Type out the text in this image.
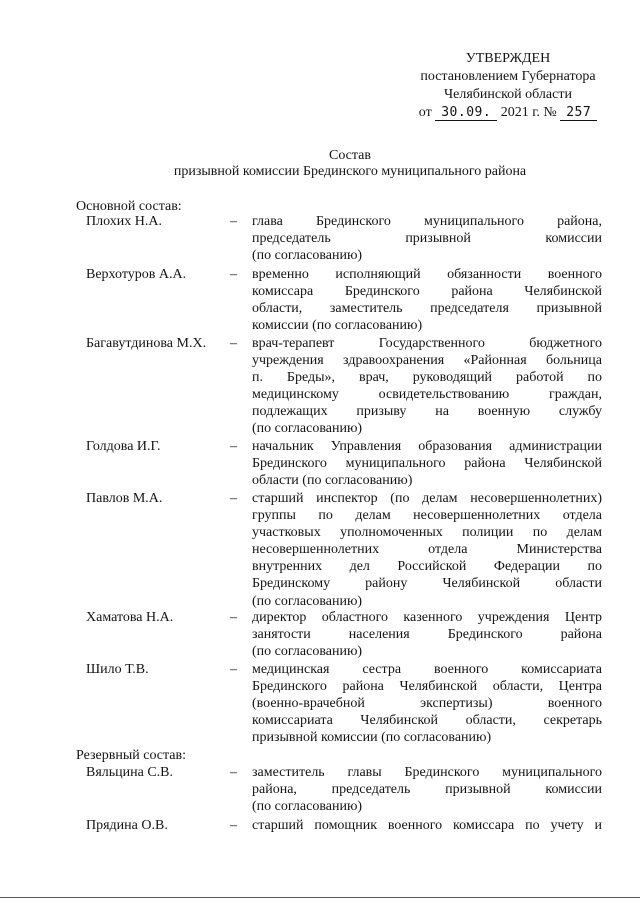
УТВЕРЖДЕН
постановлением Губернатора
Челябинской области
от 30.09. 2021 г. № 257
Состав
призывной комиссии Брединского муниципального района
Основной состав:
Плохих Н.А.	– глава Брединского муниципального района,
председатель призывной комиссии
(по согласованию)
Верхотуров А.А.	– временно исполняющий обязанности военного
комиссара Брединского района Челябинской
области, заместитель председателя призывной
комиссии (по согласованию)
Багавутдинова М.Х. – врач-терапевт Государственного бюджетного
учреждения здравоохранения «Районная больница
п. Бреды», врач, руководящий работой по
медицинскому освидетельствованию граждан,
подлежащих призыву на военную службу
(по согласованию)
Голдова И.Г.	– начальник Управления образования администрации
Брединского муниципального района Челябинской
области (по согласованию)
Павлов М.А.	– старший инспектор (по делам несовершеннолетних)
группы по делам несовершеннолетних отдела
участковых уполномоченных полиции по делам
несовершеннолетних отдела Министерства
внутренних дел Российской Федерации по
Брединскому району Челябинской области
(по согласованию)
Хаматова Н.А.	– директор областного казенного учреждения Центр
занятости населения Брединского района
(по согласованию)
Шило Т.В.	– медицинская сестра военного комиссариата
Брединского района Челябинской области, Центра
(военно-врачебной экспертизы) военного
комиссариата Челябинской области, секретарь
призывной комиссии (по согласованию)
Резервный состав:
Вяльцина С.В.	– заместитель главы Брединского муниципального
района, председатель призывной комиссии
(по согласованию)
Прядина О.В.	– старший помощник военного комиссара по учету и
